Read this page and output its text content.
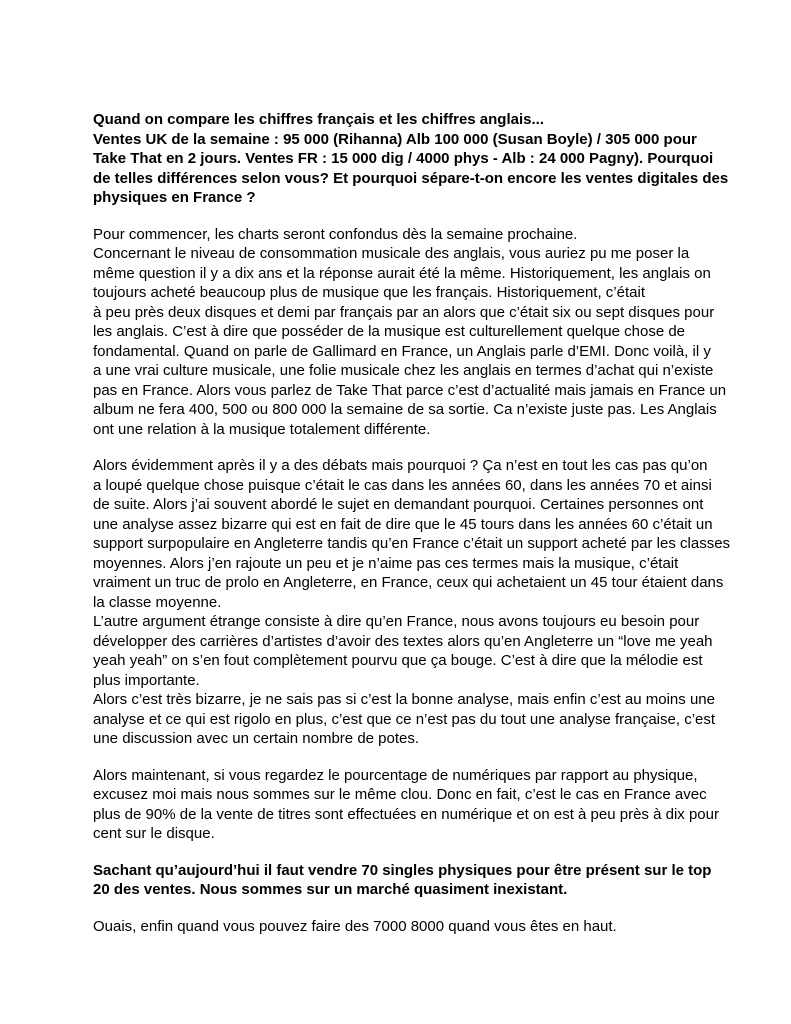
Quand on compare les chiffres français et les chiffres anglais...
Ventes UK de la semaine : 95 000 (Rihanna) Alb 100 000 (Susan Boyle) / 305 000 pour
Take That en 2 jours. Ventes FR : 15 000 dig / 4000 phys - Alb : 24 000 Pagny). Pourquoi
de telles différences selon vous? Et pourquoi sépare-t-on encore les ventes digitales des
physiques en France ?
Pour commencer, les charts seront confondus dès la semaine prochaine.
Concernant le niveau de consommation musicale des anglais, vous auriez pu me poser la
même question il y a dix ans et la réponse aurait été la même. Historiquement, les anglais on
toujours acheté beaucoup plus de musique que les français. Historiquement, c’était
à peu près deux disques et demi par français par an alors que c’était six ou sept disques pour
les anglais. C’est à dire que posséder de la musique est culturellement quelque chose de
fondamental. Quand on parle de Gallimard en France, un Anglais parle d’EMI. Donc voilà, il y
a une vrai culture musicale, une folie musicale chez les anglais en termes d’achat qui n’existe
pas en France. Alors vous parlez de Take That parce c’est d’actualité mais jamais en France un
album ne fera 400, 500 ou 800 000 la semaine de sa sortie. Ca n’existe juste pas. Les Anglais
ont une relation à la musique totalement différente.
Alors évidemment après il y a des débats mais pourquoi ? Ça n’est en tout les cas pas qu’on
a loupé quelque chose puisque c’était le cas dans les années 60, dans les années 70 et ainsi
de suite. Alors j’ai souvent abordé le sujet en demandant pourquoi. Certaines personnes ont
une analyse assez bizarre qui est en fait de dire que le 45 tours dans les années 60 c’était un
support surpopulaire en Angleterre tandis qu’en France c’était un support acheté par les classes
moyennes. Alors j’en rajoute un peu et je n’aime pas ces termes mais la musique, c’était
vraiment un truc de prolo en Angleterre, en France, ceux qui achetaient un 45 tour étaient dans
la classe moyenne.
L’autre argument étrange consiste à dire qu’en France, nous avons toujours eu besoin pour
développer des carrières d’artistes d’avoir des textes alors qu’en Angleterre un “love me yeah
yeah yeah” on s’en fout complètement pourvu que ça bouge. C’est à dire que la mélodie est
plus importante.
Alors c’est très bizarre, je ne sais pas si c’est la bonne analyse, mais enfin c’est au moins une
analyse et ce qui est rigolo en plus, c’est que ce n’est pas du tout une analyse française, c’est
une discussion avec un certain nombre de potes.
Alors maintenant, si vous regardez le pourcentage de numériques par rapport au physique,
excusez moi mais nous sommes sur le même clou. Donc en fait, c’est le cas en France avec
plus de 90% de la vente de titres sont effectuées en numérique et on est à peu près à dix pour
cent sur le disque.
Sachant qu’aujourd’hui il faut vendre 70 singles physiques pour être présent sur le top
20 des ventes. Nous sommes sur un marché quasiment inexistant.
Ouais, enfin quand vous pouvez faire des 7000 8000 quand vous êtes en haut.
